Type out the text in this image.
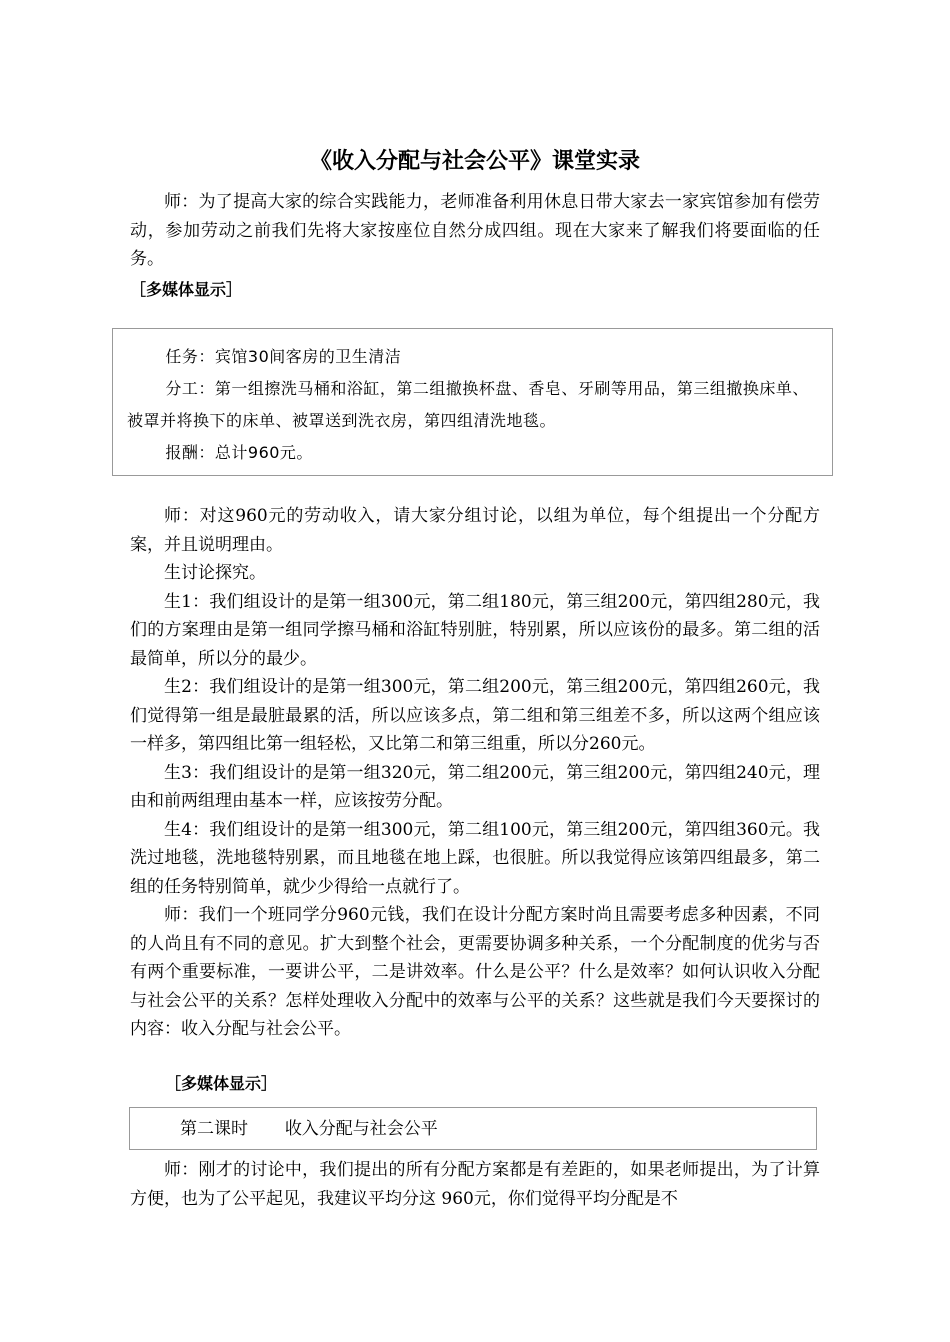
《收入分配与社会公平》课堂实录

师：为了提高大家的综合实践能力，老师准备利用休息日带大家去一家宾馆参加有偿劳动，参加劳动之前我们先将大家按座位自然分成四组。现在大家来了解我们将要面临的任务。

［多媒体显示］

任务：宾馆30间客房的卫生清洁

分工：第一组擦洗马桶和浴缸，第二组撤换杯盘、香皂、牙刷等用品，第三组撤换床单、被罩并将换下的床单、被罩送到洗衣房，第四组清洗地毯。

报酬：总计960元。

师：对这960元的劳动收入，请大家分组讨论，以组为单位，每个组提出一个分配方案，并且说明理由。

生讨论探究。

生1：我们组设计的是第一组300元，第二组180元，第三组200元，第四组280元，我们的方案理由是第一组同学擦马桶和浴缸特别脏，特别累，所以应该份的最多。第二组的活最简单，所以分的最少。

生2：我们组设计的是第一组300元，第二组200元，第三组200元，第四组260元，我们觉得第一组是最脏最累的活，所以应该多点，第二组和第三组差不多，所以这两个组应该一样多，第四组比第一组轻松，又比第二和第三组重，所以分260元。

生3：我们组设计的是第一组320元，第二组200元，第三组200元，第四组240元，理由和前两组理由基本一样，应该按劳分配。

生4：我们组设计的是第一组300元，第二组100元，第三组200元，第四组360元。我洗过地毯，洗地毯特别累，而且地毯在地上踩，也很脏。所以我觉得应该第四组最多，第二组的任务特别简单，就少少得给一点就行了。

师：我们一个班同学分960元钱，我们在设计分配方案时尚且需要考虑多种因素，不同的人尚且有不同的意见。扩大到整个社会，更需要协调多种关系，一个分配制度的优劣与否有两个重要标准，一要讲公平，二是讲效率。什么是公平？什么是效率？如何认识收入分配与社会公平的关系？怎样处理收入分配中的效率与公平的关系？这些就是我们今天要探讨的内容：收入分配与社会公平。

［多媒体显示］
第二课时 收入分配与社会公平

师：刚才的讨论中，我们提出的所有分配方案都是有差距的，如果老师提出，为了计算方便，也为了公平起见，我建议平均分这 960元，你们觉得平均分配是不
